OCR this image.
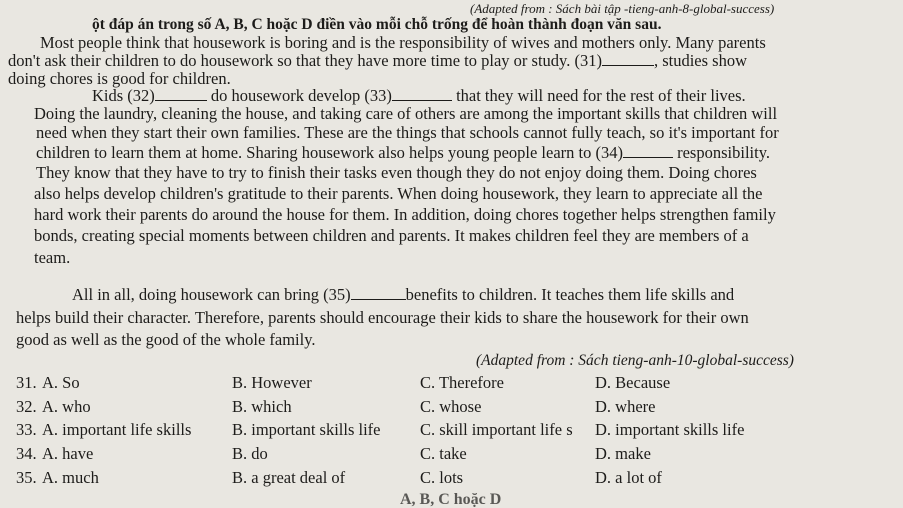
(Adapted from : Sách bài tập -tieng-anh-8-global-success)
ột đáp án trong số A, B, C hoặc D điền vào mỗi chỗ trống để hoàn thành đoạn văn sau.
Most people think that housework is boring and is the responsibility of wives and mothers only. Many parents
don't ask their children to do housework so that they have more time to play or study. (31)	, studies show
doing chores is good for children.
Kids (32)	do housework develop (33)	that they will need for the rest of their lives.
Doing the laundry, cleaning the house, and taking care of others are among the important skills that children will
need when they start their own families. These are the things that schools cannot fully teach, so it's important for
children to learn them at home. Sharing housework also helps young people learn to (34)	responsibility.
They know that they have to try to finish their tasks even though they do not enjoy doing them. Doing chores
also helps develop children's gratitude to their parents. When doing housework, they learn to appreciate all the
hard work their parents do around the house for them. In addition, doing chores together helps strengthen family
bonds, creating special moments between children and parents. It makes children feel they are members of a
team.
All in all, doing housework can bring (35)	benefits to children. It teaches them life skills and
helps build their character. Therefore, parents should encourage their kids to share the housework for their own
good as well as the good of the whole family.
(Adapted from : Sách tieng-anh-10-global-success)
31. A. So	B. However	C. Therefore	D. Because
32. A. who	B. which	C. whose	D. where
33. A. important life skills B. important skills life C. skill important life s D. important skills life
34. A. have	B. do	C. take	D. make
35. A. much	B. a great deal of	C. lots	D. a lot of
A, B, C hoặc D
